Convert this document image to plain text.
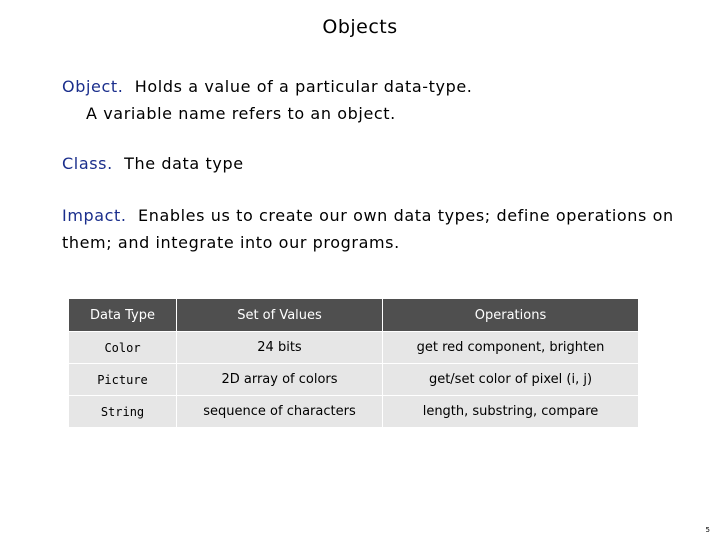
Objects
Object. Holds a value of a particular data-type.
A variable name refers to an object.
Class. The data type
Impact. Enables us to create our own data types; define operations on
them; and integrate into our programs.
Data Type	Set of Values	Operations
Color	24 bits	get red component, brighten
Picture	2D array of colors	get/set color of pixel (i, j)
String	sequence of characters	length, substring, compare
5
